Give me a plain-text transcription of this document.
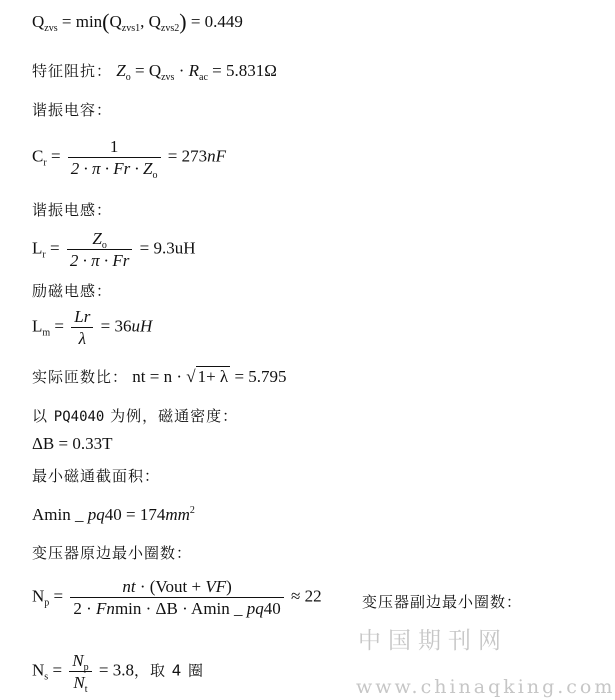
$Q_{zvs} = \min(Q_{zvs1}$, $Q_{zvs2}) = 0.449$
特征阻抗： $Z_o = Q_{zvs} \cdot R_{ac} = 5.831\Omega$
谐振电容：
$C_r = \frac{1}{2 \cdot \pi \cdot Fr \cdot Z_o} = 273nF$
谐振电感：
$L_r = \frac{Z_o}{2 \cdot \pi \cdot Fr} = 9.3uH$
励磁电感：
$L_m = \frac{Lr}{\lambda} = 36uH$
实际匝数比： nt = n · √ 1+ λ = 5.795
以 PQ4040 为例，磁通密度：
ΔB = 0.33T
最小磁通截面积：
Amin _ $pq40 = 174mm^2$
变压器原边最小圈数：
$N_p = \frac{\text{nt · (Vout + VF)}}{2 \cdot Fnmin \cdot \Delta B \cdot Amin \_ pq40} \approx 22$	变压器副边最小圈数：
中国期刊网
$N_s = \frac{N_p}{N_t} = 3.8$，取 4 圈
www.chinaqking.com
